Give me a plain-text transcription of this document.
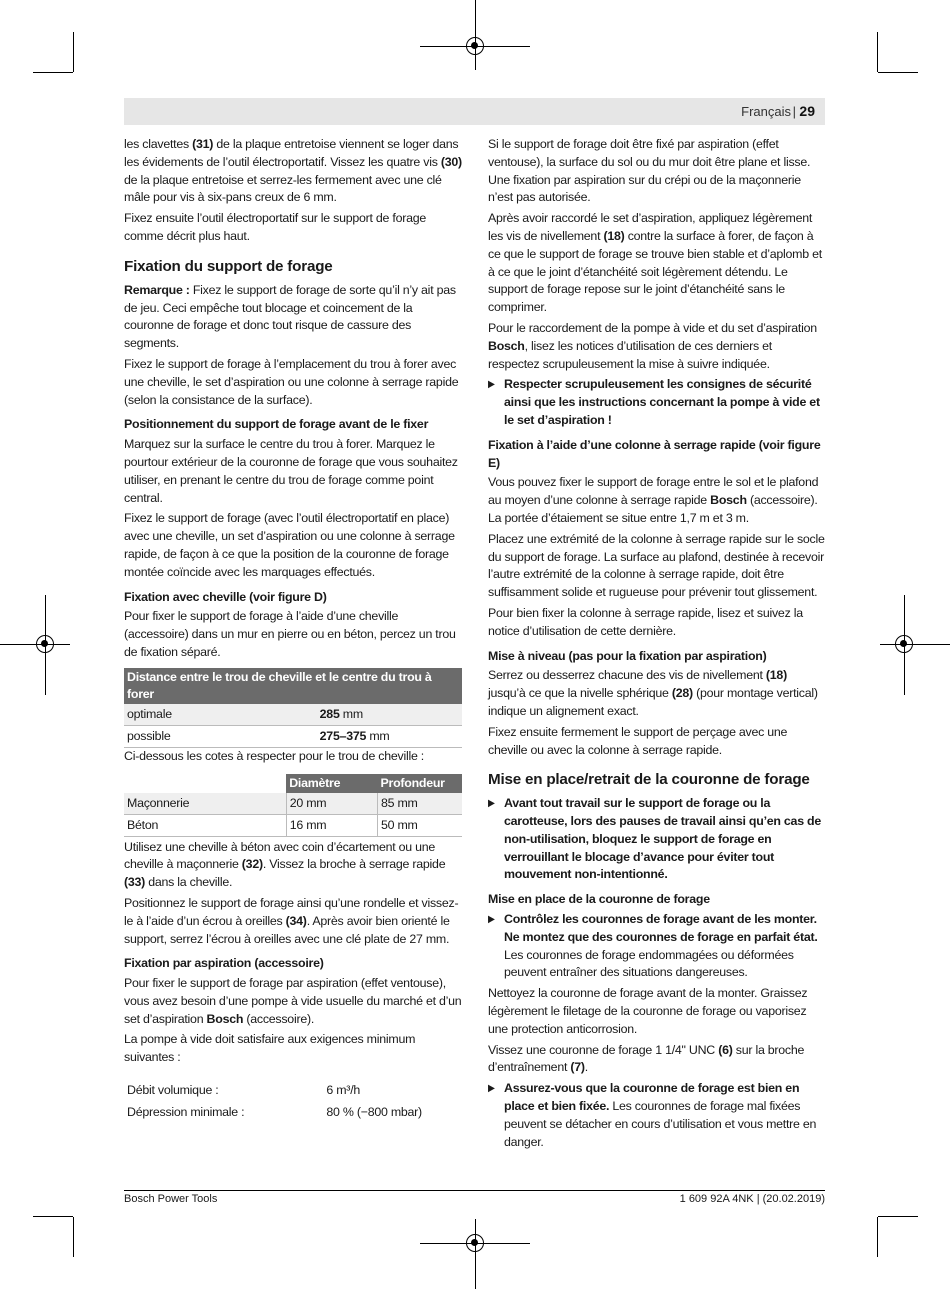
Français | 29

les clavettes (31) de la plaque entretoise viennent se loger dans les évidements de l’outil électroportatif. Vissez les quatre vis (30) de la plaque entretoise et serrez-les fermement avec une clé mâle pour vis à six-pans creux de 6 mm.

Fixez ensuite l’outil électroportatif sur le support de forage comme décrit plus haut.

Fixation du support de forage

Remarque : Fixez le support de forage de sorte qu’il n’y ait pas de jeu. Ceci empêche tout blocage et coincement de la couronne de forage et donc tout risque de cassure des segments.

Fixez le support de forage à l’emplacement du trou à forer avec une cheville, le set d’aspiration ou une colonne à serrage rapide (selon la consistance de la surface).

Positionnement du support de forage avant de le fixer

Marquez sur la surface le centre du trou à forer. Marquez le pourtour extérieur de la couronne de forage que vous souhaitez utiliser, en prenant le centre du trou de forage comme point central.

Fixez le support de forage (avec l’outil électroportatif en place) avec une cheville, un set d’aspiration ou une colonne à serrage rapide, de façon à ce que la position de la couronne de forage montée coïncide avec les marquages effectués.

Fixation avec cheville (voir figure D)

Pour fixer le support de forage à l’aide d’une cheville (accessoire) dans un mur en pierre ou en béton, percez un trou de fixation séparé.

Distance entre le trou de cheville et le centre du trou à forer	
optimale	285 mm
possible	275–375 mm

Ci-dessous les cotes à respecter pour le trou de cheville :

	Diamètre	Profondeur
Maçonnerie	20 mm	85 mm
Béton	16 mm	50 mm

Utilisez une cheville à béton avec coin d’écartement ou une cheville à maçonnerie (32). Vissez la broche à serrage rapide (33) dans la cheville.

Positionnez le support de forage ainsi qu’une rondelle et vissez-le à l’aide d’un écrou à oreilles (34). Après avoir bien orienté le support, serrez l’écrou à oreilles avec une clé plate de 27 mm.

Fixation par aspiration (accessoire)

Pour fixer le support de forage par aspiration (effet ventouse), vous avez besoin d’une pompe à vide usuelle du marché et d’un set d’aspiration Bosch (accessoire).

La pompe à vide doit satisfaire aux exigences minimum suivantes :

Débit volumique :	6 m³/h
Dépression minimale :	80 % (−800 mbar)

Si le support de forage doit être fixé par aspiration (effet ventouse), la surface du sol ou du mur doit être plane et lisse. Une fixation par aspiration sur du crépi ou de la maçonnerie n’est pas autorisée.

Après avoir raccordé le set d’aspiration, appliquez légèrement les vis de nivellement (18) contre la surface à forer, de façon à ce que le support de forage se trouve bien stable et d’aplomb et à ce que le joint d’étanchéité soit légèrement détendu. Le support de forage repose sur le joint d’étanchéité sans le comprimer.

Pour le raccordement de la pompe à vide et du set d’aspiration Bosch, lisez les notices d’utilisation de ces derniers et respectez scrupuleusement la mise à suivre indiquée.

▶ Respecter scrupuleusement les consignes de sécurité ainsi que les instructions concernant la pompe à vide et le set d’aspiration !
Fixation à l’aide d’une colonne à serrage rapide (voir figure E)

Vous pouvez fixer le support de forage entre le sol et le plafond au moyen d’une colonne à serrage rapide Bosch (accessoire). La portée d’étaiement se situe entre 1,7 m et 3 m.

Placez une extrémité de la colonne à serrage rapide sur le socle du support de forage. La surface au plafond, destinée à recevoir l’autre extrémité de la colonne à serrage rapide, doit être suffisamment solide et rugueuse pour prévenir tout glissement.

Pour bien fixer la colonne à serrage rapide, lisez et suivez la notice d’utilisation de cette dernière.

Mise à niveau (pas pour la fixation par aspiration)

Serrez ou desserrez chacune des vis de nivellement (18) jusqu’à ce que la nivelle sphérique (28) (pour montage vertical) indique un alignement exact.

Fixez ensuite fermement le support de perçage avec une cheville ou avec la colonne à serrage rapide.

Mise en place/retrait de la couronne de forage
▶ Avant tout travail sur le support de forage ou la carotteuse, lors des pauses de travail ainsi qu’en cas de non-utilisation, bloquez le support de forage en verrouillant le blocage d’avance pour éviter tout mouvement non-intentionné.
Mise en place de la couronne de forage
▶ Contrôlez les couronnes de forage avant de les monter. Ne montez que des couronnes de forage en parfait état. Les couronnes de forage endommagées ou déformées peuvent entraîner des situations dangereuses.

Nettoyez la couronne de forage avant de la monter. Graissez légèrement le filetage de la couronne de forage ou vaporisez une protection anticorrosion.

Vissez une couronne de forage 1 1/4" UNC (6) sur la broche d’entraînement (7).

▶ Assurez-vous que la couronne de forage est bien en place et bien fixée. Les couronnes de forage mal fixées peuvent se détacher en cours d’utilisation et vous mettre en danger.
Bosch Power Tools	1 609 92A 4NK | (20.02.2019)
